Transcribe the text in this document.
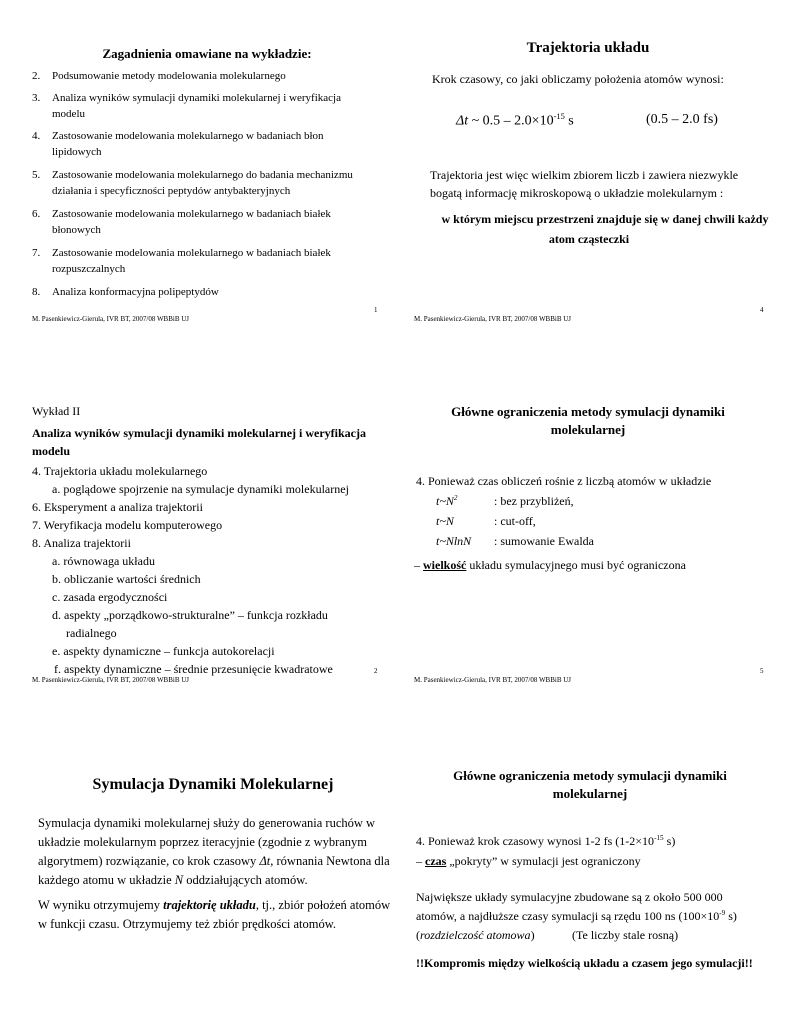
Zagadnienia omawiane na wykładzie:
2. Podsumowanie metody modelowania molekularnego
3. Analiza wyników symulacji dynamiki molekularnej i weryfikacja
modelu
4. Zastosowanie modelowania molekularnego w badaniach błon
lipidowych
5. Zastosowanie modelowania molekularnego do badania mechanizmu
działania i specyficzności peptydów antybakteryjnych
6. Zastosowanie modelowania molekularnego w badaniach białek
błonowych
7. Zastosowanie modelowania molekularnego w badaniach białek
rozpuszczalnych
8. Analiza konformacyjna polipeptydów
1
M. Pasenkiewicz-Gierula, IVR BT, 2007/08 WBBiB UJ
Trajektoria układu
Krok czasowy, co jaki obliczamy położenia atomów wynosi:
Δt ~ $0.5 - 2.0\times 10^{-15}$ s	(0.5 – 2.0 fs)
Trajektoria jest więc wielkim zbiorem liczb i zawiera niezwykle
bogatą informację mikroskopową o układzie molekularnym :
w którym miejscu przestrzeni znajduje się w danej chwili każdy
atom cząsteczki
4
M. Pasenkiewicz-Gierula, IVR BT, 2007/08 WBBiB UJ
Wykład II
Analiza wyników symulacji dynamiki molekularnej i weryfikacja
modelu
4. Trajektoria układu molekularnego
a. poglądowe spojrzenie na symulacje dynamiki molekularnej
6. Eksperyment a analiza trajektorii
7. Weryfikacja modelu komputerowego
8. Analiza trajektorii
a. równowaga układu
b. obliczanie wartości średnich
c. zasada ergodyczności
d. aspekty „porządkowo-strukturalne” – funkcja rozkładu
radialnego
e. aspekty dynamiczne – funkcja autokorelacji
f. aspekty dynamiczne – średnie przesunięcie kwadratowe	2
M. Pasenkiewicz-Gierula, IVR BT, 2007/08 WBBiB UJ
Główne ograniczenia metody symulacji dynamiki
molekularnej
4. Ponieważ czas obliczeń rośnie z liczbą atomów w układzie
$t\sim N^2$	: bez przybliżeń,
t~N	: cut-off,
t~NlnN : sumowanie Ewalda
– wielkość układu symulacyjnego musi być ograniczona
5
M. Pasenkiewicz-Gierula, IVR BT, 2007/08 WBBiB UJ
Symulacja Dynamiki Molekularnej
Symulacja dynamiki molekularnej służy do generowania ruchów w
układzie molekularnym poprzez iteracyjnie (zgodnie z wybranym
algorytmem) rozwiązanie, co krok czasowy Δt, równania Newtona dla
każdego atomu w układzie N oddziałujących atomów.
W wyniku otrzymujemy trajektorię układu, tj., zbiór położeń atomów
w funkcji czasu. Otrzymujemy też zbiór prędkości atomów.
Główne ograniczenia metody symulacji dynamiki
molekularnej
4. Ponieważ krok czasowy wynosi 1-2 fs ($1-2\times 10^{-15}$ s)
– czas „pokryty” w symulacji jest ograniczony
Największe układy symulacyjne zbudowane są z około 500 000
atomów, a najdłuższe czasy symulacji są rzędu 100 ns ($100\times 10^{-9}$ s)
(rozdzielczość atomowa)	(Te liczby stale rosną)
!!Kompromis między wielkością układu a czasem jego symulacji!!
